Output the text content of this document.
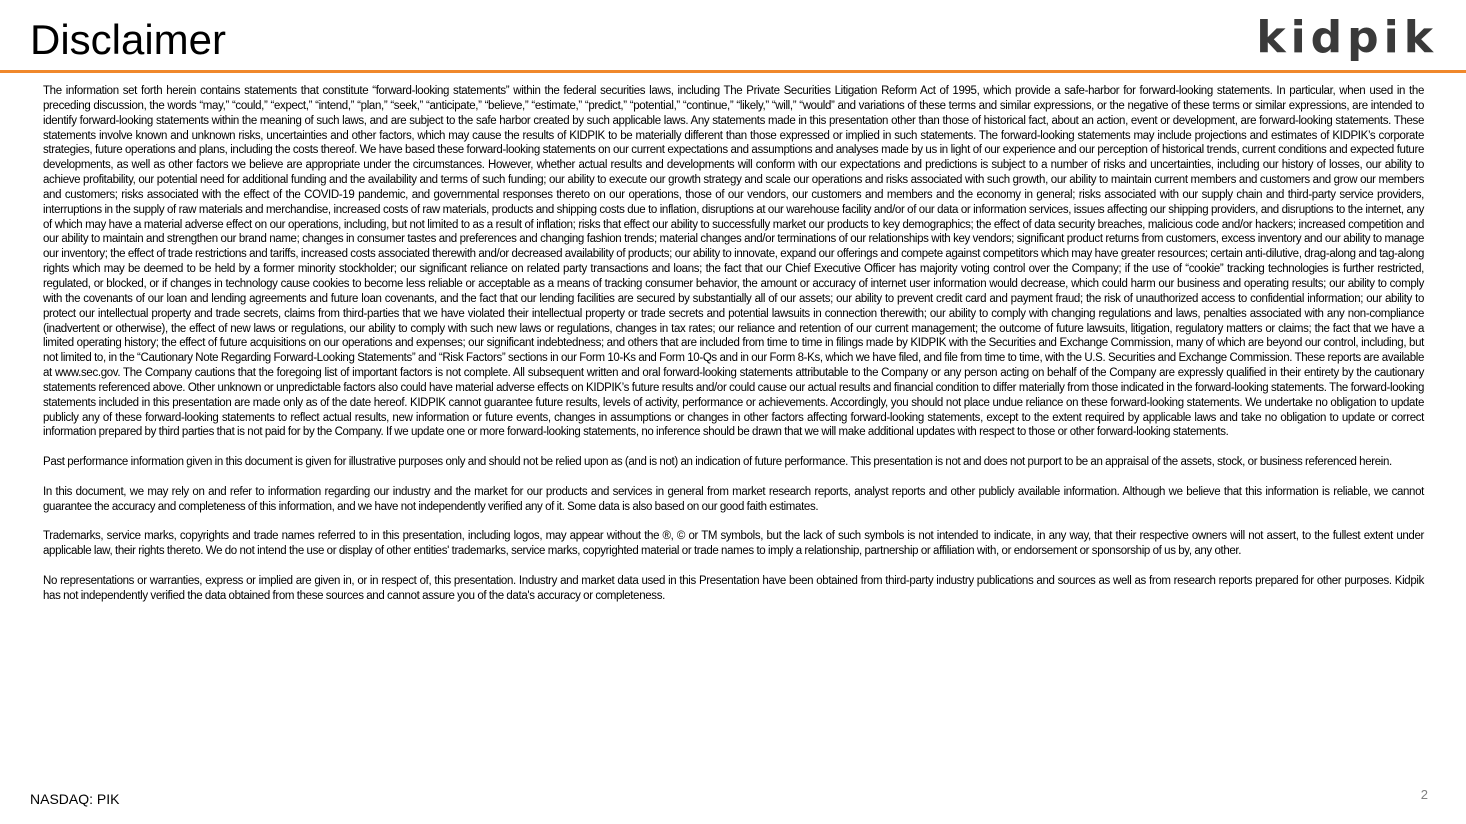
Disclaimer	kidpik

The information set forth herein contains statements that constitute “forward-looking statements” within the federal securities laws, including The Private Securities Litigation Reform Act of 1995, which provide a safe-harbor for forward-looking statements. In particular, when used in the preceding discussion, the words “may,” “could,” “expect,” “intend,” “plan,” “seek,” “anticipate,” “believe,” “estimate,” “predict,” “potential,” “continue,” “likely,” “will,” “would” and variations of these terms and similar expressions, or the negative of these terms or similar expressions, are intended to identify forward-looking statements within the meaning of such laws, and are subject to the safe harbor created by such applicable laws. Any statements made in this presentation other than those of historical fact, about an action, event or development, are forward-looking statements. These statements involve known and unknown risks, uncertainties and other factors, which may cause the results of KIDPIK to be materially different than those expressed or implied in such statements. The forward-looking statements may include projections and estimates of KIDPIK’s corporate strategies, future operations and plans, including the costs thereof. We have based these forward-looking statements on our current expectations and assumptions and analyses made by us in light of our experience and our perception of historical trends, current conditions and expected future developments, as well as other factors we believe are appropriate under the circumstances. However, whether actual results and developments will conform with our expectations and predictions is subject to a number of risks and uncertainties, including our history of losses, our ability to achieve profitability, our potential need for additional funding and the availability and terms of such funding; our ability to execute our growth strategy and scale our operations and risks associated with such growth, our ability to maintain current members and customers and grow our members and customers; risks associated with the effect of the COVID-19 pandemic, and governmental responses thereto on our operations, those of our vendors, our customers and members and the economy in general; risks associated with our supply chain and third-party service providers, interruptions in the supply of raw materials and merchandise, increased costs of raw materials, products and shipping costs due to inflation, disruptions at our warehouse facility and/or of our data or information services, issues affecting our shipping providers, and disruptions to the internet, any of which may have a material adverse effect on our operations, including, but not limited to as a result of inflation; risks that effect our ability to successfully market our products to key demographics; the effect of data security breaches, malicious code and/or hackers; increased competition and our ability to maintain and strengthen our brand name; changes in consumer tastes and preferences and changing fashion trends; material changes and/or terminations of our relationships with key vendors; significant product returns from customers, excess inventory and our ability to manage our inventory; the effect of trade restrictions and tariffs, increased costs associated therewith and/or decreased availability of products; our ability to innovate, expand our offerings and compete against competitors which may have greater resources; certain anti-dilutive, drag-along and tag-along rights which may be deemed to be held by a former minority stockholder; our significant reliance on related party transactions and loans; the fact that our Chief Executive Officer has majority voting control over the Company; if the use of “cookie” tracking technologies is further restricted, regulated, or blocked, or if changes in technology cause cookies to become less reliable or acceptable as a means of tracking consumer behavior, the amount or accuracy of internet user information would decrease, which could harm our business and operating results; our ability to comply with the covenants of our loan and lending agreements and future loan covenants, and the fact that our lending facilities are secured by substantially all of our assets; our ability to prevent credit card and payment fraud; the risk of unauthorized access to confidential information; our ability to protect our intellectual property and trade secrets, claims from third-parties that we have violated their intellectual property or trade secrets and potential lawsuits in connection therewith; our ability to comply with changing regulations and laws, penalties associated with any non-compliance (inadvertent or otherwise), the effect of new laws or regulations, our ability to comply with such new laws or regulations, changes in tax rates; our reliance and retention of our current management; the outcome of future lawsuits, litigation, regulatory matters or claims; the fact that we have a limited operating history; the effect of future acquisitions on our operations and expenses; our significant indebtedness; and others that are included from time to time in filings made by KIDPIK with the Securities and Exchange Commission, many of which are beyond our control, including, but not limited to, in the “Cautionary Note Regarding Forward-Looking Statements” and “Risk Factors” sections in our Form 10-Ks and Form 10-Qs and in our Form 8-Ks, which we have filed, and file from time to time, with the U.S. Securities and Exchange Commission. These reports are available at www.sec.gov. The Company cautions that the foregoing list of important factors is not complete. All subsequent written and oral forward-looking statements attributable to the Company or any person acting on behalf of the Company are expressly qualified in their entirety by the cautionary statements referenced above. Other unknown or unpredictable factors also could have material adverse effects on KIDPIK’s future results and/or could cause our actual results and financial condition to differ materially from those indicated in the forward-looking statements. The forward-looking statements included in this presentation are made only as of the date hereof. KIDPIK cannot guarantee future results, levels of activity, performance or achievements. Accordingly, you should not place undue reliance on these forward-looking statements. We undertake no obligation to update publicly any of these forward-looking statements to reflect actual results, new information or future events, changes in assumptions or changes in other factors affecting forward-looking statements, except to the extent required by applicable laws and take no obligation to update or correct information prepared by third parties that is not paid for by the Company. If we update one or more forward-looking statements, no inference should be drawn that we will make additional updates with respect to those or other forward-looking statements.

Past performance information given in this document is given for illustrative purposes only and should not be relied upon as (and is not) an indication of future performance. This presentation is not and does not purport to be an appraisal of the assets, stock, or business referenced herein.

In this document, we may rely on and refer to information regarding our industry and the market for our products and services in general from market research reports, analyst reports and other publicly available information. Although we believe that this information is reliable, we cannot guarantee the accuracy and completeness of this information, and we have not independently verified any of it. Some data is also based on our good faith estimates.

Trademarks, service marks, copyrights and trade names referred to in this presentation, including logos, may appear without the ®, © or TM symbols, but the lack of such symbols is not intended to indicate, in any way, that their respective owners will not assert, to the fullest extent under applicable law, their rights thereto. We do not intend the use or display of other entities' trademarks, service marks, copyrighted material or trade names to imply a relationship, partnership or affiliation with, or endorsement or sponsorship of us by, any other.

No representations or warranties, express or implied are given in, or in respect of, this presentation. Industry and market data used in this Presentation have been obtained from third-party industry publications and sources as well as from research reports prepared for other purposes. Kidpik has not independently verified the data obtained from these sources and cannot assure you of the data's accuracy or completeness.

NASDAQ: PIK	2
